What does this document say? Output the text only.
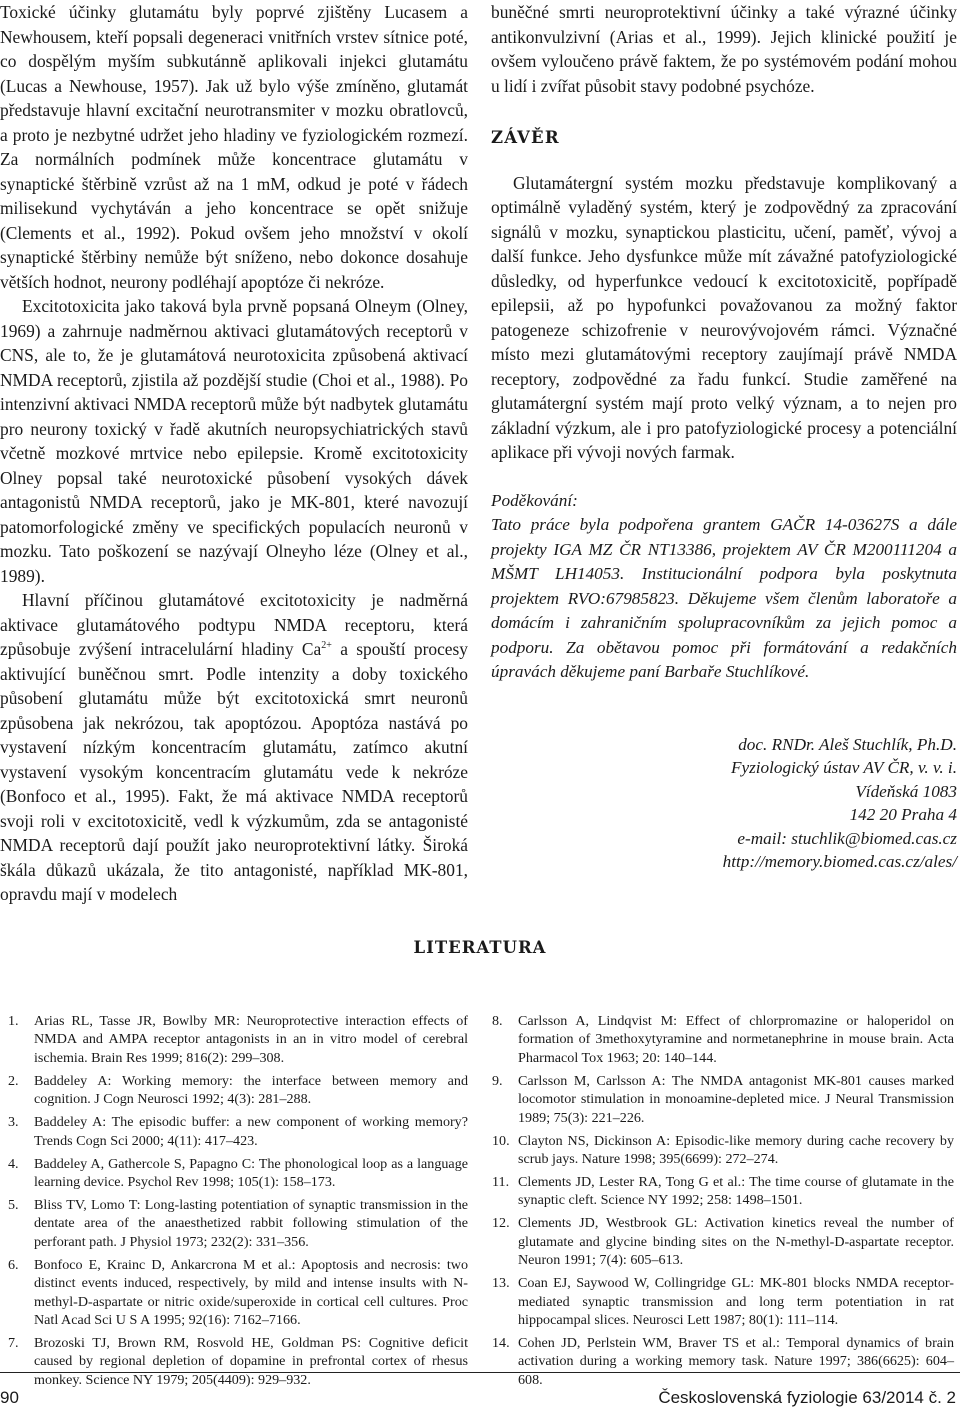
Toxické účinky glutamátu byly poprvé zjištěny Lucasem a Newhousem, kteří popsali degeneraci vnitřních vrstev sítnice poté, co dospělým myším subkutánně aplikovali injekci glutamátu (Lucas a Newhouse, 1957). Jak už bylo výše zmíněno, glutamát představuje hlavní excitační neurotransmiter v mozku obratlovců, a proto je nezbytné udržet jeho hladiny ve fyziologickém rozmezí. Za normálních podmínek může koncentrace glutamátu v synaptické štěrbině vzrůst až na 1 mM, odkud je poté v řádech milisekund vychytáván a jeho koncentrace se opět snižuje (Clements et al., 1992). Pokud ovšem jeho množství v okolí synaptické štěrbiny nemůže být sníženo, nebo dokonce dosahuje větších hodnot, neurony podléhají apoptóze či nekróze.

Excitotoxicita jako taková byla prvně popsaná Olneym (Olney, 1969) a zahrnuje nadměrnou aktivaci glutamátových receptorů v CNS, ale to, že je glutamátová neurotoxicita způsobená aktivací NMDA receptorů, zjistila až pozdější studie (Choi et al., 1988). Po intenzivní aktivaci NMDA receptorů může být nadbytek glutamátu pro neurony toxický v řadě akutních neuropsychiatrických stavů včetně mozkové mrtvice nebo epilepsie. Kromě excitotoxicity Olney popsal také neurotoxické působení vysokých dávek antagonistů NMDA receptorů, jako je MK-801, které navozují patomorfologické změny ve specifických populacích neuronů v mozku. Tato poškození se nazývají Olneyho léze (Olney et al., 1989).

Hlavní příčinou glutamátové excitotoxicity je nadměrná aktivace glutamátového podtypu NMDA receptoru, která způsobuje zvýšení intracelulární hladiny $Ca^{2+}$ a spouští procesy aktivující buněčnou smrt. Podle intenzity a doby toxického působení glutamátu může být excitotoxická smrt neuronů způsobena jak nekrózou, tak apoptózou. Apoptóza nastává po vystavení nízkým koncentracím glutamátu, zatímco akutní vystavení vysokým koncentracím glutamátu vede k nekróze (Bonfoco et al., 1995). Fakt, že má aktivace NMDA receptorů svoji roli v excitotoxicitě, vedl k výzkumům, zda se antagonisté NMDA receptorů dají použít jako neuroprotektivní látky. Široká škála důkazů ukázala, že tito antagonisté, například MK-801, opravdu mají v modelech

buněčné smrti neuroprotektivní účinky a také výrazné účinky antikonvulzivní (Arias et al., 1999). Jejich klinické použití je ovšem vyloučeno právě faktem, že po systémovém podání mohou u lidí i zvířat působit stavy podobné psychóze.

ZÁVĚR

Glutamátergní systém mozku představuje komplikovaný a optimálně vyladěný systém, který je zodpovědný za zpracování signálů v mozku, synaptickou plasticitu, učení, paměť, vývoj a další funkce. Jeho dysfunkce může mít závažné patofyziologické důsledky, od hyperfunkce vedoucí k excitotoxicitě, popřípadě epilepsii, až po hypofunkci považovanou za možný faktor patogeneze schizofrenie v neurovývojovém rámci. Význačné místo mezi glutamátovými receptory zaujímají právě NMDA receptory, zodpovědné za řadu funkcí. Studie zaměřené na glutamátergní systém mají proto velký význam, a to nejen pro základní výzkum, ale i pro patofyziologické procesy a potenciální aplikace při vývoji nových farmak.

Poděkování:
Tato práce byla podpořena grantem GAČR 14-03627S a dále projekty IGA MZ ČR NT13386, projektem AV ČR M200111204 a MŠMT LH14053. Institucionální podpora byla poskytnuta projektem RVO:67985823. Děkujeme všem členům laboratoře a domácím i zahraničním spolupracovníkům za jejich pomoc a podporu. Za obětavou pomoc při formátování a redakčních úpravách děkujeme paní Barbaře Stuchlíkové.
doc. RNDr. Aleš Stuchlík, Ph.D.
Fyziologický ústav AV ČR, v. v. i.
Vídeňská 1083
142 20 Praha 4
e-mail: stuchlik@biomed.cas.cz
http://memory.biomed.cas.cz/ales/
LITERATURA
1.	Arias RL, Tasse JR, Bowlby MR: Neuroprotective interaction effects of NMDA and AMPA receptor antagonists in an in vitro model of cerebral ischemia. Brain Res 1999; 816(2): 299–308.
2.	Baddeley A: Working memory: the interface between memory and cognition. J Cogn Neurosci 1992; 4(3): 281–288.
3.	Baddeley A: The episodic buffer: a new component of working memory? Trends Cogn Sci 2000; 4(11): 417–423.
4.	Baddeley A, Gathercole S, Papagno C: The phonological loop as a language learning device. Psychol Rev 1998; 105(1): 158–173.
5.	Bliss TV, Lomo T: Long-lasting potentiation of synaptic transmission in the dentate area of the anaesthetized rabbit following stimulation of the perforant path. J Physiol 1973; 232(2): 331–356.
6.	Bonfoco E, Krainc D, Ankarcrona M et al.: Apoptosis and necrosis: two distinct events induced, respectively, by mild and intense insults with N-methyl-D-aspartate or nitric oxide/superoxide in cortical cell cultures. Proc Natl Acad Sci U S A 1995; 92(16): 7162–7166.
7.	Brozoski TJ, Brown RM, Rosvold HE, Goldman PS: Cognitive deficit caused by regional depletion of dopamine in prefrontal cortex of rhesus monkey. Science NY 1979; 205(4409): 929–932.
8.	Carlsson A, Lindqvist M: Effect of chlorpromazine or haloperidol on formation of 3methoxytyramine and normetanephrine in mouse brain. Acta Pharmacol Tox 1963; 20: 140–144.
9.	Carlsson M, Carlsson A: The NMDA antagonist MK-801 causes marked locomotor stimulation in monoamine-depleted mice. J Neural Transmission 1989; 75(3): 221–226.
10. Clayton NS, Dickinson A: Episodic-like memory during cache recovery by scrub jays. Nature 1998; 395(6699): 272–274.
11. Clements JD, Lester RA, Tong G et al.: The time course of glutamate in the synaptic cleft. Science NY 1992; 258: 1498–1501.
12. Clements JD, Westbrook GL: Activation kinetics reveal the number of glutamate and glycine binding sites on the N-methyl-D-aspartate receptor. Neuron 1991; 7(4): 605–613.
13. Coan EJ, Saywood W, Collingridge GL: MK-801 blocks NMDA receptor-mediated synaptic transmission and long term potentiation in rat hippocampal slices. Neurosci Lett 1987; 80(1): 111–114.
14. Cohen JD, Perlstein WM, Braver TS et al.: Temporal dynamics of brain activation during a working memory task. Nature 1997; 386(6625): 604–608.
90	Československá fyziologie 63/2014 č. 2
